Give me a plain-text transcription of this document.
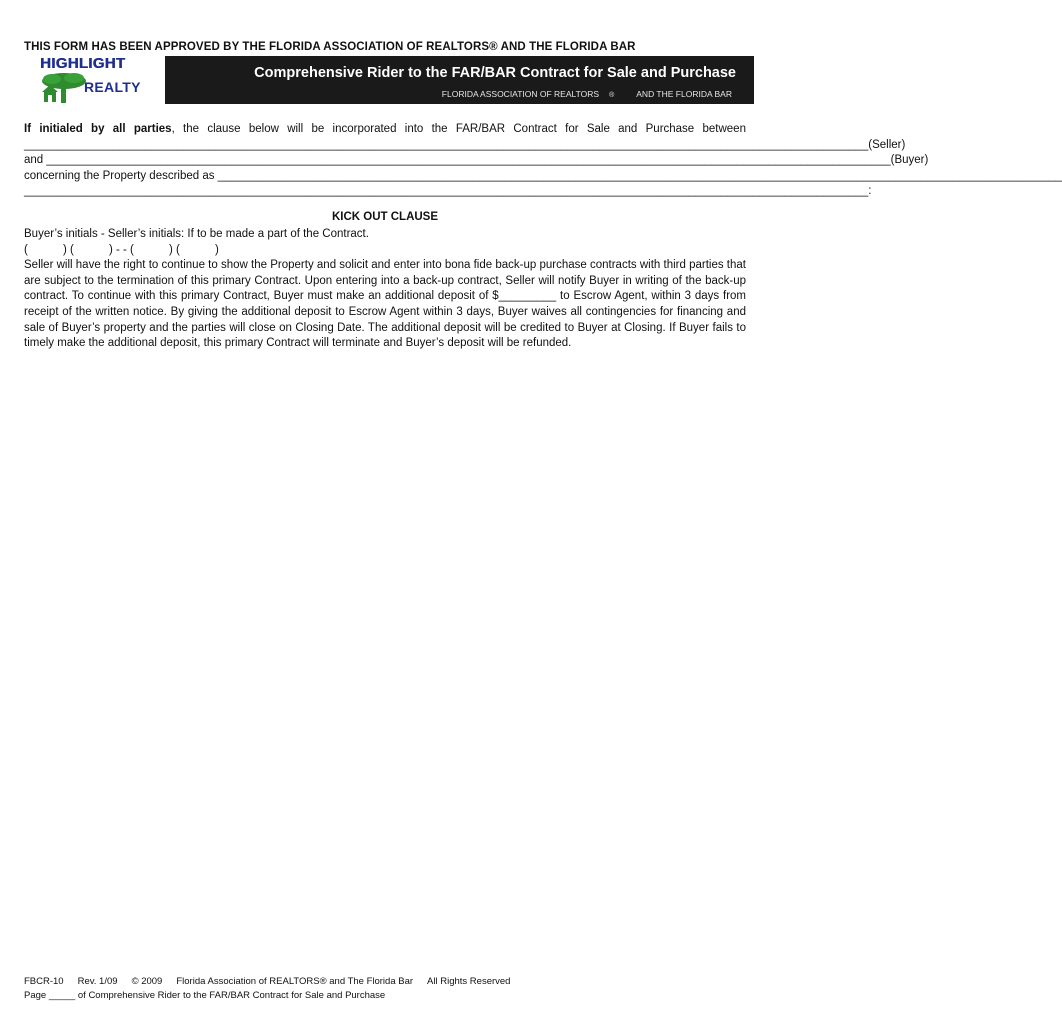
THIS FORM HAS BEEN APPROVED BY THE FLORIDA ASSOCIATION OF REALTORS® AND THE FLORIDA BAR
HIGHLIGHT
REALTY
Comprehensive Rider to the FAR/BAR Contract for Sale and Purchase
FLORIDA ASSOCIATION OF REALTORS ®	AND THE FLORIDA BAR
If initialed by all parties, the clause below will be incorporated into the FAR/BAR Contract for Sale and Purchase between
____________________________________________________________________________________________________________________________________ (Seller)
and ____________________________________________________________________________________________________________________________________ (Buyer)
concerning the Property described as ____________________________________________________________________________________________________________________________________
____________________________________________________________________________________________________________________________________ :
KICK OUT CLAUSE

Buyer’s initials - Seller’s initials: If to be made a part of the Contract.

(           ) (           ) - - (           ) (           )

Seller will have the right to continue to show the Property and solicit and enter into bona fide back-up purchase contracts with third parties that are subject to the termination of this primary Contract. Upon entering into a back-up contract, Seller will notify Buyer in writing of the back-up contract. To continue with this primary Contract, Buyer must make an additional deposit of $_________ to Escrow Agent, within 3 days from receipt of the written notice. By giving the additional deposit to Escrow Agent within 3 days, Buyer waives all contingencies for financing and sale of Buyer’s property and the parties will close on Closing Date. The additional deposit will be credited to Buyer at Closing. If Buyer fails to timely make the additional deposit, this primary Contract will terminate and Buyer’s deposit will be refunded.

FBCR-10 Rev. 1/09 © 2009 Florida Association of REALTORS® and The Florida Bar All Rights Reserved
Page _____ of Comprehensive Rider to the FAR/BAR Contract for Sale and Purchase
